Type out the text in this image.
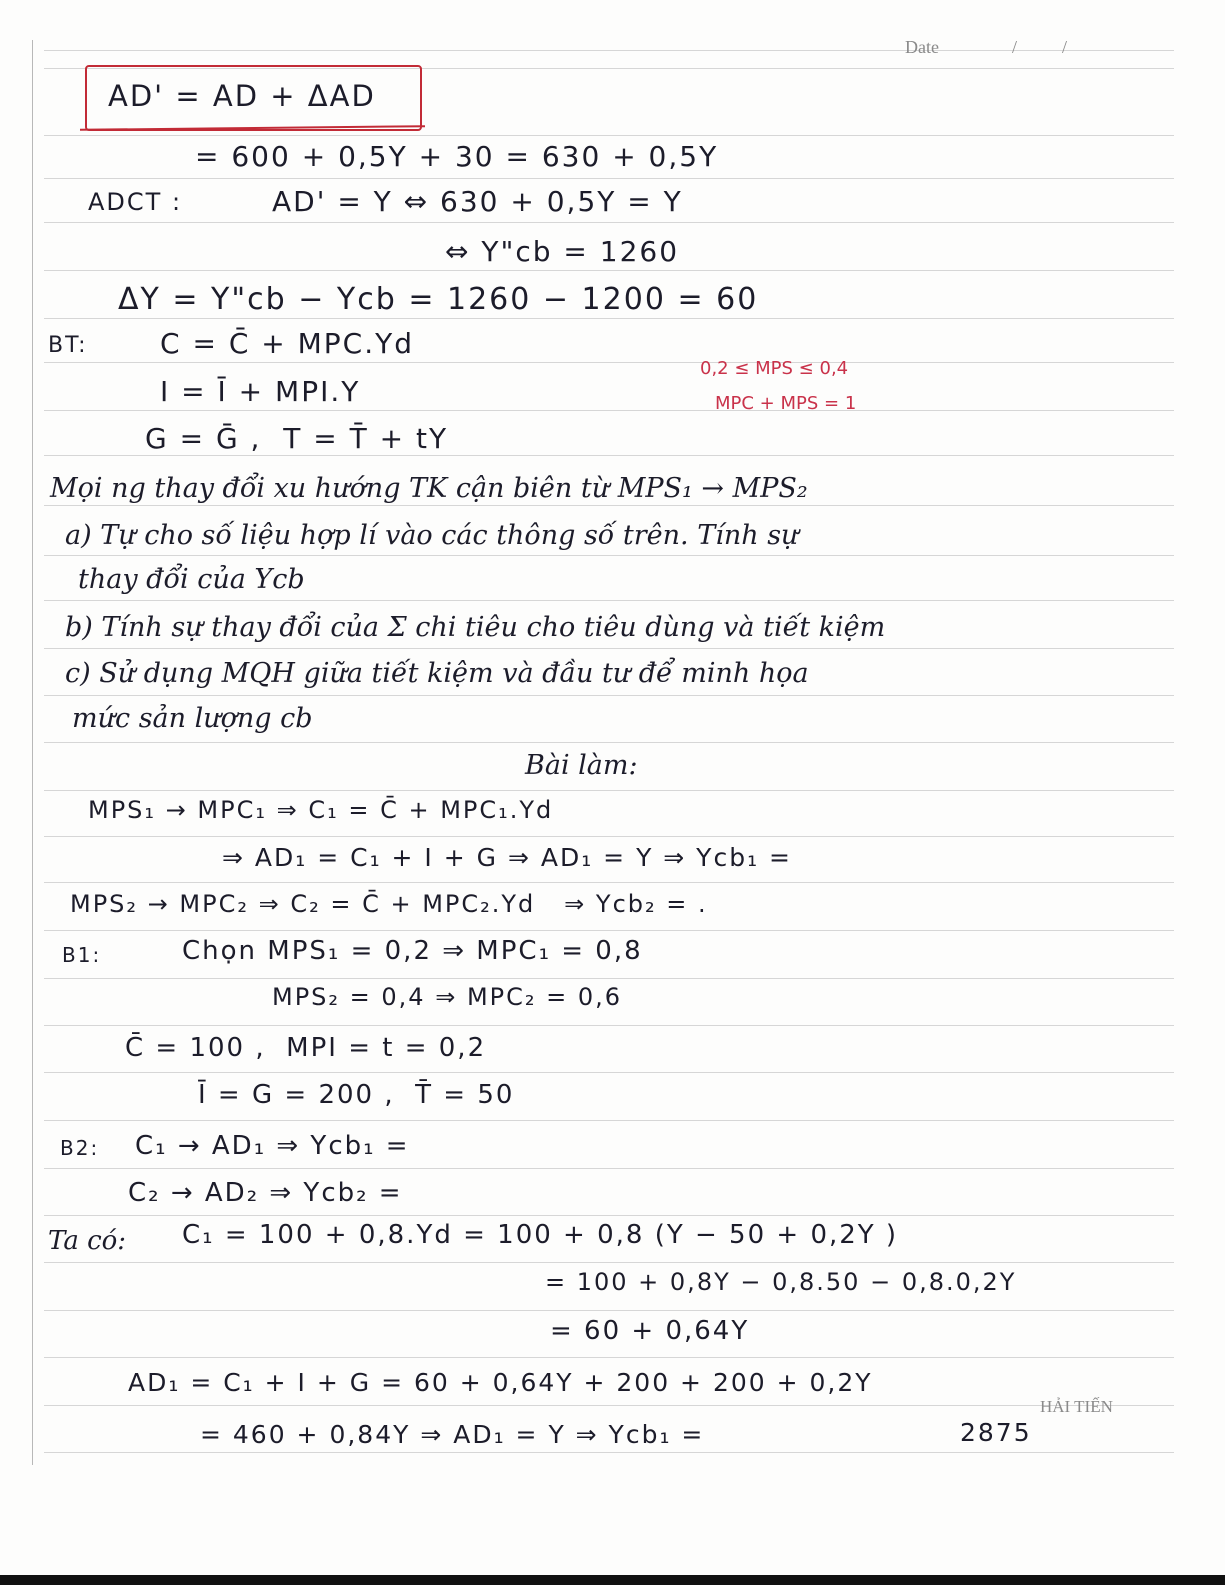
Date	/          /
AD' = AD + ΔAD
= 600 + 0,5Y + 30 = 630 + 0,5Y
ADCT :	AD' = Y ⇔ 630 + 0,5Y = Y
⇔ Y"cb = 1260
ΔY = Y"cb − Ycb = 1260 − 1200 = 60
BT:	C = C̄ + MPC.Yd
I = Ī + MPI.Y
G = Ḡ ,  T = T̄ + tY
0,2 ≤ MPS ≤ 0,4
MPC + MPS = 1
Mọi ng thay đổi xu hướng TK cận biên từ MPS₁ → MPS₂
a) Tự cho số liệu hợp lí vào các thông số trên. Tính sự
thay đổi của Ycb
b) Tính sự thay đổi của Σ chi tiêu cho tiêu dùng và tiết kiệm
c) Sử dụng MQH giữa tiết kiệm và đầu tư để minh họa
mức sản lượng cb
Bài làm:
MPS₁ → MPC₁ ⇒ C₁ = C̄ + MPC₁.Yd
⇒ AD₁ = C₁ + I + G ⇒ AD₁ = Y ⇒ Ycb₁ =
MPS₂ → MPC₂ ⇒ C₂ = C̄ + MPC₂.Yd   ⇒ Ycb₂ = .
B1:	Chọn MPS₁ = 0,2 ⇒ MPC₁ = 0,8
MPS₂ = 0,4 ⇒ MPC₂ = 0,6
C̄ = 100 ,  MPI = t = 0,2
Ī = G = 200 ,  T̄ = 50
B2: C₁ → AD₁ ⇒ Ycb₁ =
C₂ → AD₂ ⇒ Ycb₂ =
Ta có: C₁ = 100 + 0,8.Yd = 100 + 0,8 (Y − 50 + 0,2Y )
= 100 + 0,8Y − 0,8.50 − 0,8.0,2Y
= 60 + 0,64Y
AD₁ = C₁ + I + G = 60 + 0,64Y + 200 + 200 + 0,2Y
= 460 + 0,84Y ⇒ AD₁ = Y ⇒ Ycb₁ =	2875
HẢI TIẾN
